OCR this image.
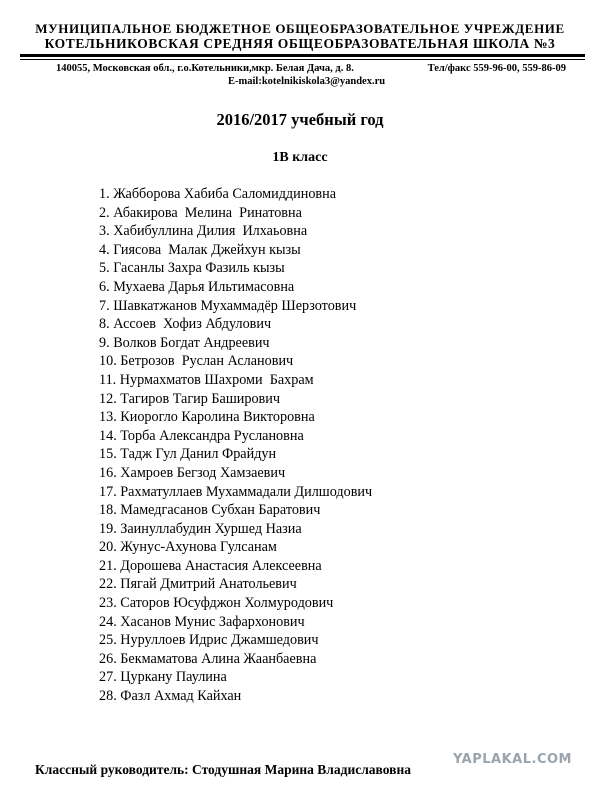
МУНИЦИПАЛЬНОЕ БЮДЖЕТНОЕ ОБЩЕОБРАЗОВАТЕЛЬНОЕ УЧРЕЖДЕНИЕ
КОТЕЛЬНИКОВСКАЯ СРЕДНЯЯ ОБЩЕОБРАЗОВАТЕЛЬНАЯ ШКОЛА №3
140055, Московская обл., г.о.Котельники,мкр. Белая Дача, д. 8.	Тел/факс 559-96-00, 559-86-09
E-mail:kotelnikiskola3@yandex.ru
2016/2017 учебный год
1В класс
1. Жабборова Хабиба Саломиддиновна
2. Абакирова  Мелина  Ринатовна
3. Хабибуллина Дилия  Илхаьовна
4. Гиясова  Малак Джейхун кызы
5. Гасанлы Захра Фазиль кызы
6. Мухаева Дарья Ильтимасовна
7. Шавкатжанов Мухаммадёр Шерзотович
8. Ассоев  Хофиз Абдулович
9. Волков Богдат Андреевич
10. Бетрозов  Руслан Асланович
11. Нурмахматов Шахроми  Бахрам
12. Тагиров Тагир Баширович
13. Киорогло Каролина Викторовна
14. Торба Александра Руслановна
15. Тадж Гул Данил Фрайдун
16. Хамроев Бегзод Хамзаевич
17. Рахматуллаев Мухаммадали Дилшодович
18. Мамедгасанов Субхан Баратович
19. Заинуллабудин Хуршед Назиа
20. Жунус-Ахунова Гулсанам
21. Дорошева Анастасия Алексеевна
22. Пягай Дмитрий Анатольевич
23. Саторов Юсуфджон Холмуродович
24. Хасанов Мунис Зафархонович
25. Нуруллоев Идрис Джамшедович
26. Бекмаматова Алина Жаанбаевна
27. Цуркану Паулина
28. Фазл Ахмад Кайхан
Классный руководитель: Стодушная Марина Владиславовна
YAPLAKAL.COM
